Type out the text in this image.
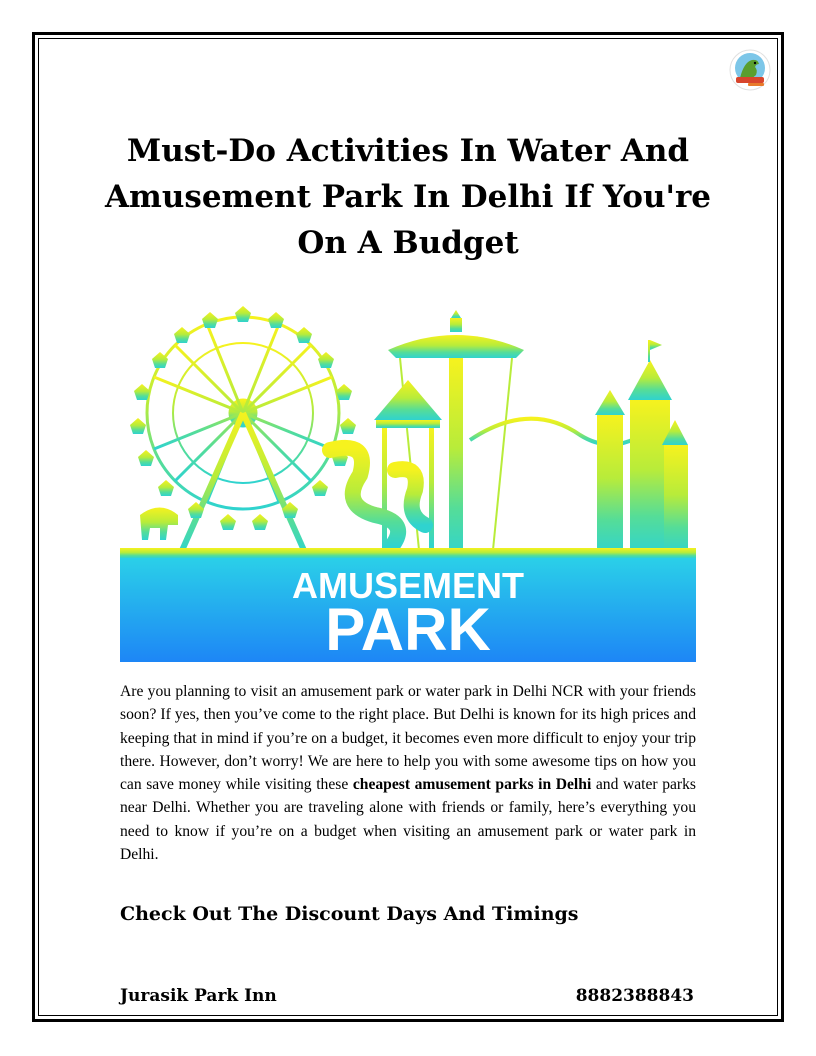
Must-Do Activities In Water And Amusement Park In Delhi If You're On A Budget
AMUSEMENT
PARK

Are you planning to visit an amusement park or water park in Delhi NCR with your friends soon? If yes, then you’ve come to the right place. But Delhi is known for its high prices and keeping that in mind if you’re on a budget, it becomes even more difficult to enjoy your trip there. However, don’t worry! We are here to help you with some awesome tips on how you can save money while visiting these cheapest amusement parks in Delhi and water parks near Delhi. Whether you are traveling alone with friends or family, here’s everything you need to know if you’re on a budget when visiting an amusement park or water park in Delhi.

Check Out The Discount Days And Timings
Jurasik Park Inn	8882388843
